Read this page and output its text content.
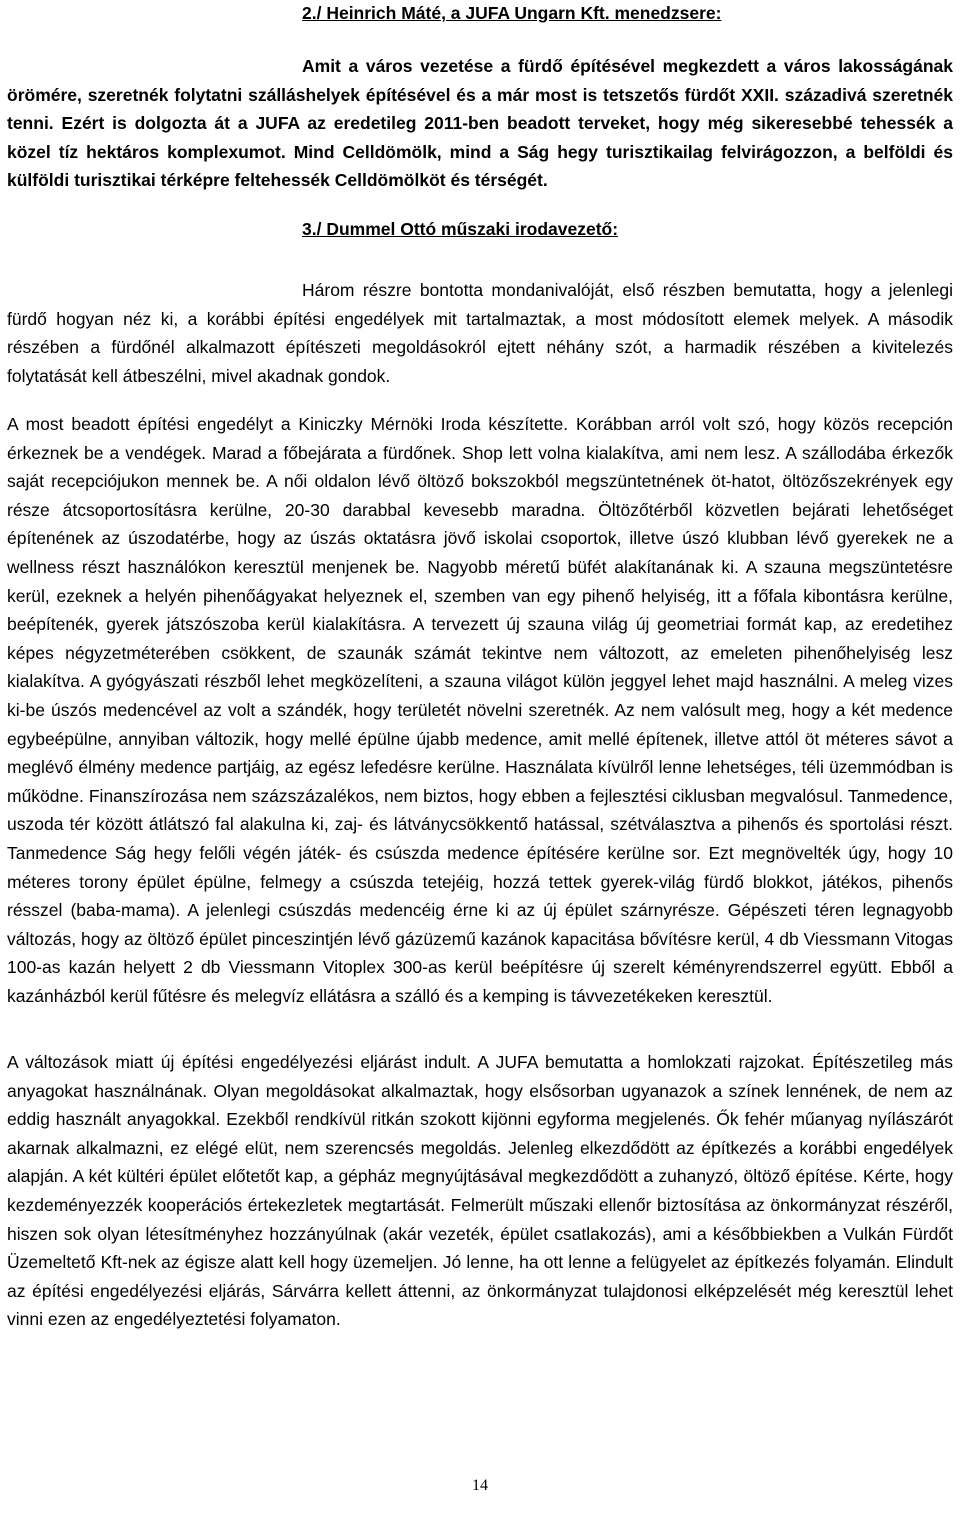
2./ Heinrich Máté, a JUFA Ungarn Kft. menedzsere:
Amit a város vezetése a fürdő építésével megkezdett a város lakosságának örömére, szeretnék folytatni szálláshelyek építésével és a már most is tetszetős fürdőt XXII. századivá szeretnék tenni. Ezért is dolgozta át a JUFA az eredetileg 2011-ben beadott terveket, hogy még sikeresebbé tehessék a közel tíz hektáros komplexumot. Mind Celldömölk, mind a Ság hegy turisztikailag felvirágozzon, a belföldi és külföldi turisztikai térképre feltehessék Celldömölköt és térségét.
3./ Dummel Ottó műszaki irodavezető:
Három részre bontotta mondanivalóját, első részben bemutatta, hogy a jelenlegi fürdő hogyan néz ki, a korábbi építési engedélyek mit tartalmaztak, a most módosított elemek melyek. A második részében a fürdőnél alkalmazott építészeti megoldásokról ejtett néhány szót, a harmadik részében a kivitelezés folytatását kell átbeszélni, mivel akadnak gondok.
A most beadott építési engedélyt a Kiniczky Mérnöki Iroda készítette. Korábban arról volt szó, hogy közös recepción érkeznek be a vendégek. Marad a főbejárata a fürdőnek. Shop lett volna kialakítva, ami nem lesz. A szállodába érkezők saját recepciójukon mennek be. A női oldalon lévő öltöző bokszokból megszüntetnének öt-hatot, öltözőszekrények egy része átcsoportosításra kerülne, 20-30 darabbal kevesebb maradna. Öltözőtérből közvetlen bejárati lehetőséget építenének az úszodatérbe, hogy az úszás oktatásra jövő iskolai csoportok, illetve úszó klubban lévő gyerekek ne a wellness részt használókon keresztül menjenek be. Nagyobb méretű büfét alakítanának ki. A szauna megszüntetésre kerül, ezeknek a helyén pihenőágyakat helyeznek el, szemben van egy pihenő helyiség, itt a főfala kibontásra kerülne, beépítenék, gyerek játszószoba kerül kialakításra. A tervezett új szauna világ új geometriai formát kap, az eredetihez képes négyzetméterében csökkent, de szaunák számát tekintve nem változott, az emeleten pihenőhelyiség lesz kialakítva. A gyógyászati részből lehet megközelíteni, a szauna világot külön jeggyel lehet majd használni. A meleg vizes ki-be úszós medencével az volt a szándék, hogy területét növelni szeretnék. Az nem valósult meg, hogy a két medence egybeépülne, annyiban változik, hogy mellé épülne újabb medence, amit mellé építenek, illetve attól öt méteres sávot a meglévő élmény medence partjáig, az egész lefedésre kerülne. Használata kívülről lenne lehetséges, téli üzemmódban is működne. Finanszírozása nem százszázalékos, nem biztos, hogy ebben a fejlesztési ciklusban megvalósul. Tanmedence, uszoda tér között átlátszó fal alakulna ki, zaj- és látványcsökkentő hatással, szétválasztva a pihenős és sportolási részt. Tanmedence Ság hegy felőli végén játék- és csúszda medence építésére kerülne sor. Ezt megnövelték úgy, hogy 10 méteres torony épület épülne, felmegy a csúszda tetejéig, hozzá tettek gyerek-világ fürdő blokkot, játékos, pihenős résszel (baba-mama). A jelenlegi csúszdás medencéig érne ki az új épület szárnyrésze. Gépészeti téren legnagyobb változás, hogy az öltöző épület pinceszintjén lévő gázüzemű kazánok kapacitása bővítésre kerül, 4 db Viessmann Vitogas 100-as kazán helyett 2 db Viessmann Vitoplex 300-as kerül beépítésre új szerelt kéményrendszerrel együtt. Ebből a kazánházból kerül fűtésre és melegvíz ellátásra a szálló és a kemping is távvezetékeken keresztül.
A változások miatt új építési engedélyezési eljárást indult. A JUFA bemutatta a homlokzati rajzokat. Építészetileg más anyagokat használnának. Olyan megoldásokat alkalmaztak, hogy elsősorban ugyanazok a színek lennének, de nem az eddig használt anyagokkal. Ezekből rendkívül ritkán szokott kijönni egyforma megjelenés. Ők fehér műanyag nyílászárót akarnak alkalmazni, ez elégé elüt, nem szerencsés megoldás. Jelenleg elkezdődött az építkezés a korábbi engedélyek alapján. A két kültéri épület előtetőt kap, a gépház megnyújtásával megkezdődött a zuhanyzó, öltöző építése. Kérte, hogy kezdeményezzék kooperációs értekezletek megtartását. Felmerült műszaki ellenőr biztosítása az önkormányzat részéről, hiszen sok olyan létesítményhez hozzányúlnak (akár vezeték, épület csatlakozás), ami a későbbiekben a Vulkán Fürdőt Üzemeltető Kft-nek az égisze alatt kell hogy üzemeljen. Jó lenne, ha ott lenne a felügyelet az építkezés folyamán. Elindult az építési engedélyezési eljárás, Sárvárra kellett áttenni, az önkormányzat tulajdonosi elképzelését még keresztül lehet vinni ezen az engedélyeztetési folyamaton.
14
